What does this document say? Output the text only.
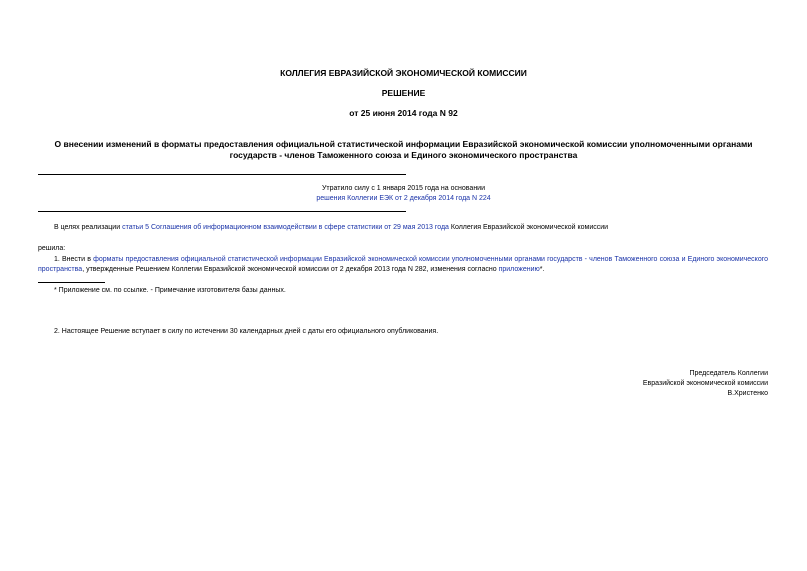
КОЛЛЕГИЯ ЕВРАЗИЙСКОЙ ЭКОНОМИЧЕСКОЙ КОМИССИИ
РЕШЕНИЕ
от 25 июня 2014 года N 92
О внесении изменений в форматы предоставления официальной статистической информации Евразийской экономической комиссии уполномоченными органами
государств - членов Таможенного союза и Единого экономического пространства
Утратило силу с 1 января 2015 года на основании
решения Коллегии ЕЭК от 2 декабря 2014 года N 224
В целях реализации статьи 5 Соглашения об информационном взаимодействии в сфере статистики от 29 мая 2013 года Коллегия Евразийской экономической комиссии
решила:
1. Внести в форматы предоставления официальной статистической информации Евразийской экономической комиссии уполномоченными органами государств - членов Таможенного союза и Единого экономического пространства, утвержденные Решением Коллегии Евразийской экономической комиссии от 2 декабря 2013 года N 282, изменения согласно приложению*.
* Приложение см. по ссылке. - Примечание изготовителя базы данных.
2. Настоящее Решение вступает в силу по истечении 30 календарных дней с даты его официального опубликования.
Председатель Коллегии
Евразийской экономической комиссии
В.Христенко
